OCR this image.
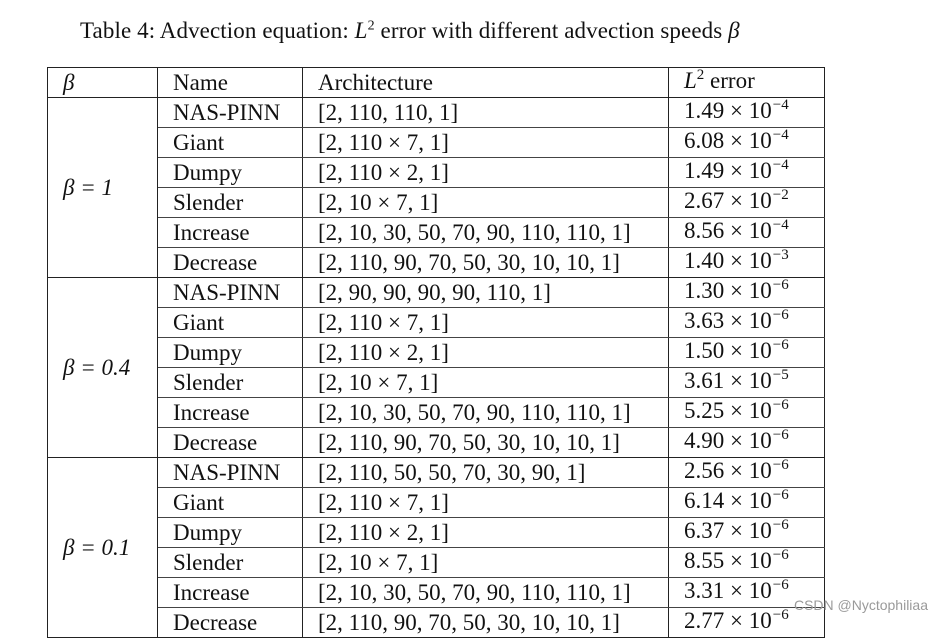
Table 4: Advection equation: $L^2$ error with different advection speeds β
β	Name	Architecture	$L^2$ error
β = 1	NAS-PINN	[2, 110, 110, 1]	$1.49 \times 10^{-4}$
	Giant	[2, 110 × 7, 1]	$6.08 \times 10^{-4}$
	Dumpy	[2, 110 × 2, 1]	$1.49 \times 10^{-4}$
	Slender	[2, 10 × 7, 1]	$2.67 \times 10^{-2}$
	Increase	[2, 10, 30, 50, 70, 90, 110, 110, 1]	$8.56 \times 10^{-4}$
	Decrease	[2, 110, 90, 70, 50, 30, 10, 10, 1]	$1.40 \times 10^{-3}$
β = 0.4	NAS-PINN	[2, 90, 90, 90, 90, 110, 1]	$1.30 \times 10^{-6}$
	Giant	[2, 110 × 7, 1]	$3.63 \times 10^{-6}$
	Dumpy	[2, 110 × 2, 1]	$1.50 \times 10^{-6}$
	Slender	[2, 10 × 7, 1]	$3.61 \times 10^{-5}$
	Increase	[2, 10, 30, 50, 70, 90, 110, 110, 1]	$5.25 \times 10^{-6}$
	Decrease	[2, 110, 90, 70, 50, 30, 10, 10, 1]	$4.90 \times 10^{-6}$
β = 0.1	NAS-PINN	[2, 110, 50, 50, 70, 30, 90, 1]	$2.56 \times 10^{-6}$
	Giant	[2, 110 × 7, 1]	$6.14 \times 10^{-6}$
	Dumpy	[2, 110 × 2, 1]	$6.37 \times 10^{-6}$
	Slender	[2, 10 × 7, 1]	$8.55 \times 10^{-6}$
	Increase	[2, 10, 30, 50, 70, 90, 110, 110, 1]	$3.31 \times 10^{-6}$
	Decrease	[2, 110, 90, 70, 50, 30, 10, 10, 1]	$2.77 \times 10^{-6}$
CSDN @Nyctophiliaa
